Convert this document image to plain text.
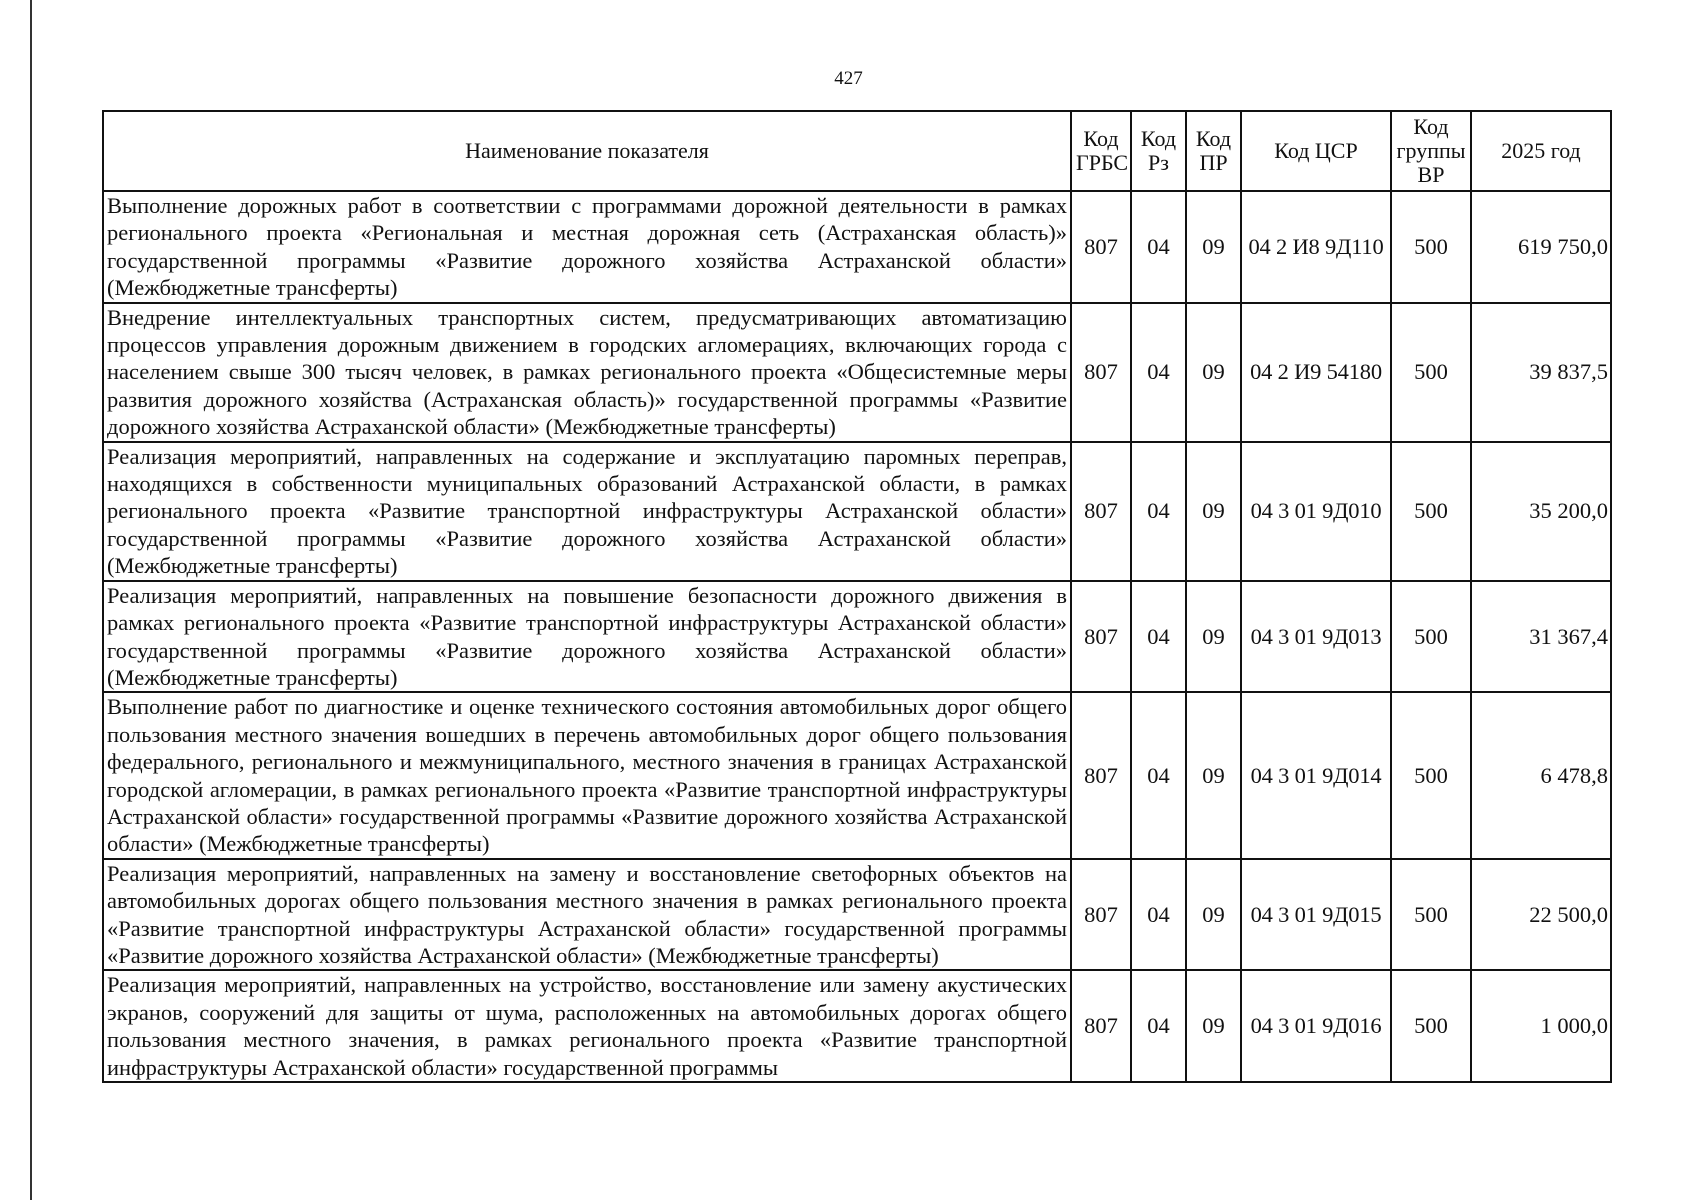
427
Наименование показателя	Код ГРБС	Код Рз	Код ПР	Код ЦСР	Код группы ВР	2025 год
Выполнение дорожных работ в соответствии с программами дорожной деятельности в рамках регионального проекта «Региональная и местная дорожная сеть (Астраханская область)» государственной программы «Развитие дорожного хозяйства Астраханской области» (Межбюджетные трансферты)	807	04	09	04 2 И8 9Д110	500	619 750,0
Внедрение интеллектуальных транспортных систем, предусматривающих автоматизацию процессов управления дорожным движением в городских агломерациях, включающих города с населением свыше 300 тысяч человек, в рамках регионального проекта «Общесистемные меры развития дорожного хозяйства (Астраханская область)» государственной программы «Развитие дорожного хозяйства Астраханской области» (Межбюджетные трансферты)	807	04	09	04 2 И9 54180	500	39 837,5
Реализация мероприятий, направленных на содержание и эксплуатацию паромных переправ, находящихся в собственности муниципальных образований Астраханской области, в рамках регионального проекта «Развитие транспортной инфраструктуры Астраханской области» государственной программы «Развитие дорожного хозяйства Астраханской области» (Межбюджетные трансферты)	807	04	09	04 3 01 9Д010	500	35 200,0
Реализация мероприятий, направленных на повышение безопасности дорожного движения в рамках регионального проекта «Развитие транспортной инфраструктуры Астраханской области» государственной программы «Развитие дорожного хозяйства Астраханской области» (Межбюджетные трансферты)	807	04	09	04 3 01 9Д013	500	31 367,4
Выполнение работ по диагностике и оценке технического состояния автомобильных дорог общего пользования местного значения вошедших в перечень автомобильных дорог общего пользования федерального, регионального и межмуниципального, местного значения в границах Астраханской городской агломерации, в рамках регионального проекта «Развитие транспортной инфраструктуры Астраханской области» государственной программы «Развитие дорожного хозяйства Астраханской области» (Межбюджетные трансферты)	807	04	09	04 3 01 9Д014	500	6 478,8
Реализация мероприятий, направленных на замену и восстановление светофорных объектов на автомобильных дорогах общего пользования местного значения в рамках регионального проекта «Развитие транспортной инфраструктуры Астраханской области» государственной программы «Развитие дорожного хозяйства Астраханской области» (Межбюджетные трансферты)	807	04	09	04 3 01 9Д015	500	22 500,0
Реализация мероприятий, направленных на устройство, восстановление или замену акустических экранов, сооружений для защиты от шума, расположенных на автомобильных дорогах общего пользования местного значения, в рамках регионального проекта «Развитие транспортной инфраструктуры Астраханской области» государственной программы	807	04	09	04 3 01 9Д016	500	1 000,0
